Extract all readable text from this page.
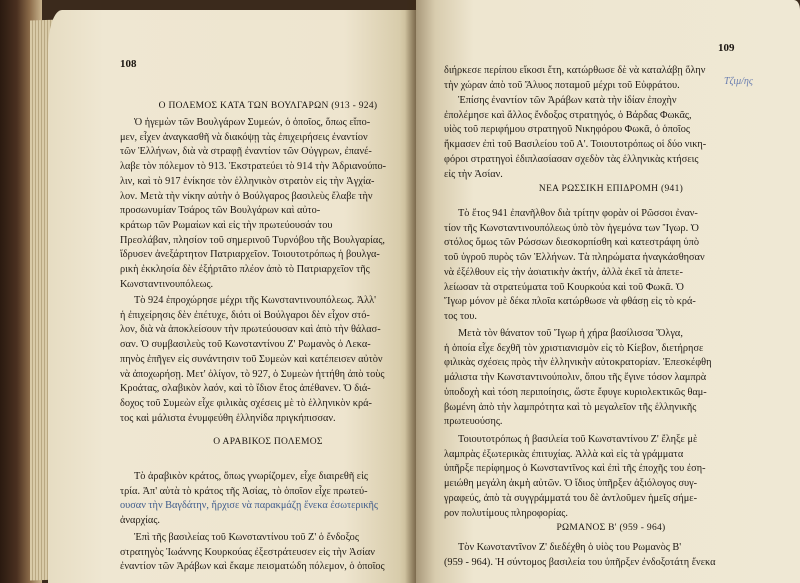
108
Ο ΠΟΛΕΜΟΣ ΚΑΤΑ ΤΩΝ ΒΟΥΛΓΑΡΩΝ (913 - 924)
Ὁ ἡγεμὼν τῶν Βουλγάρων Συμεών, ὁ ὁποῖος, ὅπως εἴπο-
μεν, εἶχεν ἀναγκασθῆ νὰ διακόψῃ τὰς ἐπιχειρήσεις ἐναντίον
τῶν Ἑλλήνων, διὰ νὰ στραφῇ ἐναντίον τῶν Οὐγγρων, ἐπανέ-
λαβε τὸν πόλεμον τὸ 913. Ἐκστρατεύει τὸ 914 τὴν Ἀδριανούπο-
λιν, καὶ τὸ 917 ἐνίκησε τὸν ἑλληνικὸν στρατὸν εἰς τὴν Ἀγχία-
λον. Μετὰ τὴν νίκην αὐτὴν ὁ Βούλγαρος βασιλεὺς ἔλαβε τὴν
προσωνυμίαν Τσάρος τῶν Βουλγάρων καὶ αὐτο-
κράτωρ τῶν Ρωμαίων καὶ εἰς τὴν πρωτεύουσάν του
Πρεσλάβαν, πλησίον τοῦ σημερινοῦ Τυρνόβου τῆς Βουλγαρίας,
ἵδρυσεν ἀνεξάρτητον Πατριαρχεῖον. Τοιουτοτρόπως ἡ βουλγα-
ρικὴ ἐκκλησία δὲν ἐξήρτᾶτο πλέον ἀπὸ τὸ Πατριαρχεῖον τῆς
Κωνσταντινουπόλεως.
Τὸ 924 ἐπροχώρησε μέχρι τῆς Κωνσταντινουπόλεως. Ἀλλ'
ἡ ἐπιχείρησις δὲν ἐπέτυχε, διότι οἱ Βούλγαροι δὲν εἶχον στό-
λον, διὰ νὰ ἀποκλείσουν τὴν πρωτεύουσαν καὶ ἀπὸ τὴν θάλασ-
σαν. Ὁ συμβασιλεὺς τοῦ Κωνσταντίνου Ζ' Ρωμανὸς ὁ Λεκα-
πηνὸς ἐπῆγεν εἰς συνάντησιν τοῦ Συμεὼν καὶ κατέπεισεν αὐτὸν
νὰ ἀποχωρήσῃ. Μετ' ὀλίγον, τὸ 927, ὁ Συμεὼν ἡττήθη ἀπὸ τοὺς
Κροάτας, σλαβικὸν λαόν, καὶ τὸ ἴδιον ἔτος ἀπέθανεν. Ὁ διά-
δοχος τοῦ Συμεὼν εἶχε φιλικὰς σχέσεις μὲ τὸ ἑλληνικὸν κρά-
τος καὶ μάλιστα ἐνυμφεύθη ἑλληνίδα πριγκήπισσαν.
Ο ΑΡΑΒΙΚΟΣ ΠΟΛΕΜΟΣ
Τὸ ἀραβικὸν κράτος, ὅπως γνωρίζομεν, εἶχε διαιρεθῆ εἰς
τρία. Ἀπ' αὐτὰ τὸ κράτος τῆς Ἀσίας, τὸ ὁποῖον εἶχε πρωτεύ-
ουσαν τὴν Βαγδάτην, ἤρχισε νὰ παρακμάζῃ ἕνεκα ἐσωτερικῆς
ἀναρχίας.
Ἐπὶ τῆς βασιλείας τοῦ Κωνσταντίνου τοῦ Ζ' ὁ ἔνδοξος
στρατηγὸς Ἰωάννης Κουρκούας ἐξεστράτευσεν εἰς τὴν Ἀσίαν
ἐναντίον τῶν Ἀράβων καὶ ἔκαμε πεισματώδη πόλεμον, ὁ ὁποῖος
109
Τζιμ/ης
διήρκεσε περίπου εἴκοσι ἔτη, κατώρθωσε δὲ νὰ καταλάβῃ ὅλην
τὴν χώραν ἀπὸ τοῦ Ἄλυος ποταμοῦ μέχρι τοῦ Εὐφράτου.
Ἐπίσης ἐναντίον τῶν Ἀράβων κατὰ τὴν ἰδίαν ἐποχὴν
ἐπολέμησε καὶ ἄλλος ἔνδοξος στρατηγός, ὁ Βάρδας Φωκᾶς,
υἱὸς τοῦ περιφήμου στρατηγοῦ Νικηφόρου Φωκᾶ, ὁ ὁποῖος
ἤκμασεν ἐπὶ τοῦ Βασιλείου τοῦ Α'. Τοιουτοτρόπως οἱ δύο νικη-
φόροι στρατηγοὶ ἐδιπλασίασαν σχεδὸν τὰς ἑλληνικὰς κτήσεις
εἰς τὴν Ἀσίαν.
ΝΕΑ ΡΩΣΣΙΚΗ ΕΠΙΔΡΟΜΗ (941)
Τὸ ἔτος 941 ἐπανῆλθον διὰ τρίτην φορὰν οἱ Ρῶσσοι ἐναν-
τίον τῆς Κωνσταντινουπόλεως ὑπὸ τὸν ἡγεμόνα των Ἴγωρ. Ὁ
στόλος ὅμως τῶν Ρώσσων διεσκορπίσθη καὶ κατεστράφη ὑπὸ
τοῦ ὑγροῦ πυρὸς τῶν Ἑλλήνων. Τὰ πληρώματα ἠναγκάσθησαν
νὰ ἐξέλθουν εἰς τὴν ἀσιατικὴν ἀκτήν, ἀλλὰ ἐκεῖ τὰ ἀπετε-
λείωσαν τὰ στρατεύματα τοῦ Κουρκούα καὶ τοῦ Φωκᾶ. Ὁ
Ἴγωρ μόνον μὲ δέκα πλοῖα κατώρθωσε νὰ φθάσῃ εἰς τὸ κρά-
τος του.
Μετὰ τὸν θάνατον τοῦ Ἴγωρ ἡ χήρα βασίλισσα Ὄλγα,
ἡ ὁποία εἶχε δεχθῆ τὸν χριστιανισμὸν εἰς τὸ Κίεβον, διετήρησε
φιλικὰς σχέσεις πρὸς τὴν ἑλληνικὴν αὐτοκρατορίαν. Ἐπεσκέφθη
μάλιστα τὴν Κωνσταντινούπολιν, ὅπου τῆς ἔγινε τόσον λαμπρὰ
ὑποδοχὴ καὶ τόση περιποίησις, ὥστε ἔφυγε κυριολεκτικῶς θαμ-
βωμένη ἀπὸ τὴν λαμπρότητα καὶ τὸ μεγαλεῖον τῆς ἑλληνικῆς
πρωτευούσης.
Τοιουτοτρόπως ἡ βασιλεία τοῦ Κωνσταντίνου Ζ' ἔληξε μὲ
λαμπρὰς ἐξωτερικὰς ἐπιτυχίας. Ἀλλὰ καὶ εἰς τὰ γράμματα
ὑπῆρξε περίφημος ὁ Κωνσταντῖνος καὶ ἐπὶ τῆς ἐποχῆς του ἐση-
μειώθη μεγάλη ἀκμὴ αὐτῶν. Ὁ ἴδιος ὑπῆρξεν ἀξιόλογος συγ-
γραφεύς, ἀπὸ τὰ συγγράμματά του δὲ ἀντλοῦμεν ἡμεῖς σήμε-
ρον πολυτίμους πληροφορίας.
ΡΩΜΑΝΟΣ Β' (959 - 964)
Τὸν Κωνσταντῖνον Ζ' διεδέχθη ὁ υἱὸς του Ρωμανὸς Β'
(959 - 964). Ἡ σύντομος βασιλεία του ὑπῆρξεν ἐνδοξοτάτη ἕνεκα
